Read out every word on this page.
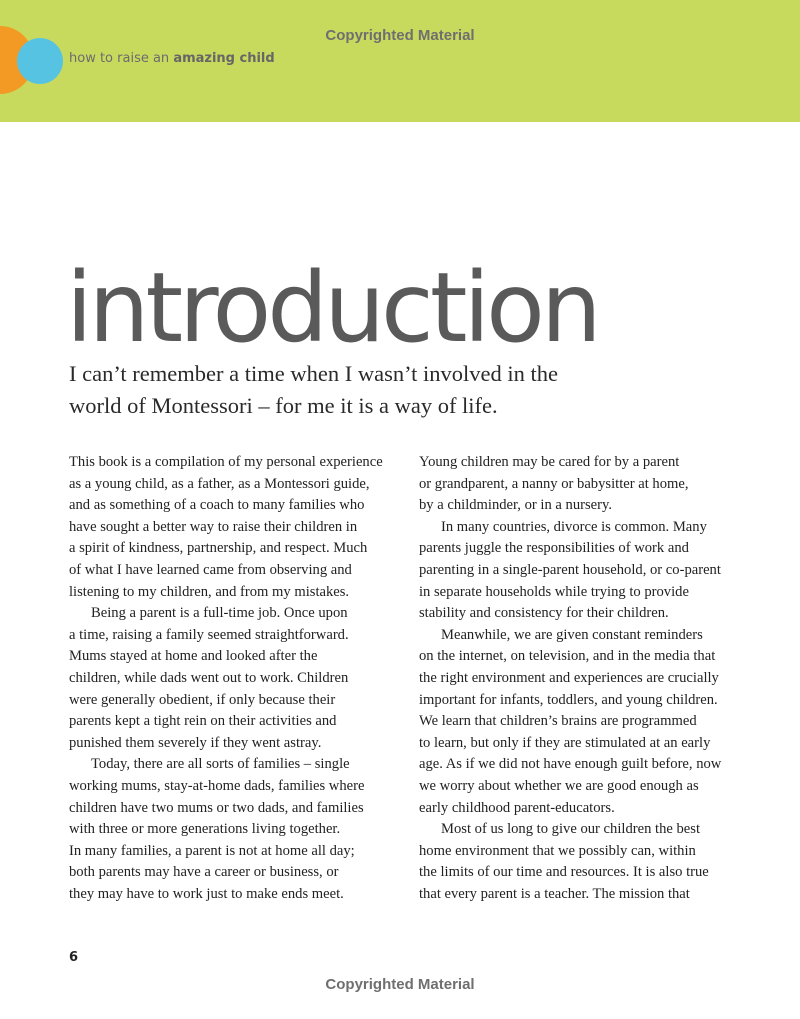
how to raise an amazing child

Copyrighted Material

introduction

I can’t remember a time when I wasn’t involved in the
world of Montessori – for me it is a way of life.

This book is a compilation of my personal experience
as a young child, as a father, as a Montessori guide,
and as something of a coach to many families who
have sought a better way to raise their children in
a spirit of kindness, partnership, and respect. Much
of what I have learned came from observing and
listening to my children, and from my mistakes.
Being a parent is a full-time job. Once upon
a time, raising a family seemed straightforward.
Mums stayed at home and looked after the
children, while dads went out to work. Children
were generally obedient, if only because their
parents kept a tight rein on their activities and
punished them severely if they went astray.
Today, there are all sorts of families – single
working mums, stay-at-home dads, families where
children have two mums or two dads, and families
with three or more generations living together.
In many families, a parent is not at home all day;
both parents may have a career or business, or
they may have to work just to make ends meet.
Young children may be cared for by a parent
or grandparent, a nanny or babysitter at home,
by a childminder, or in a nursery.
In many countries, divorce is common. Many
parents juggle the responsibilities of work and
parenting in a single-parent household, or co-parent
in separate households while trying to provide
stability and consistency for their children.
Meanwhile, we are given constant reminders
on the internet, on television, and in the media that
the right environment and experiences are crucially
important for infants, toddlers, and young children.
We learn that children’s brains are programmed
to learn, but only if they are stimulated at an early
age. As if we did not have enough guilt before, now
we worry about whether we are good enough as
early childhood parent-educators.
Most of us long to give our children the best
home environment that we possibly can, within
the limits of our time and resources. It is also true
that every parent is a teacher. The mission that

6

Copyrighted Material
